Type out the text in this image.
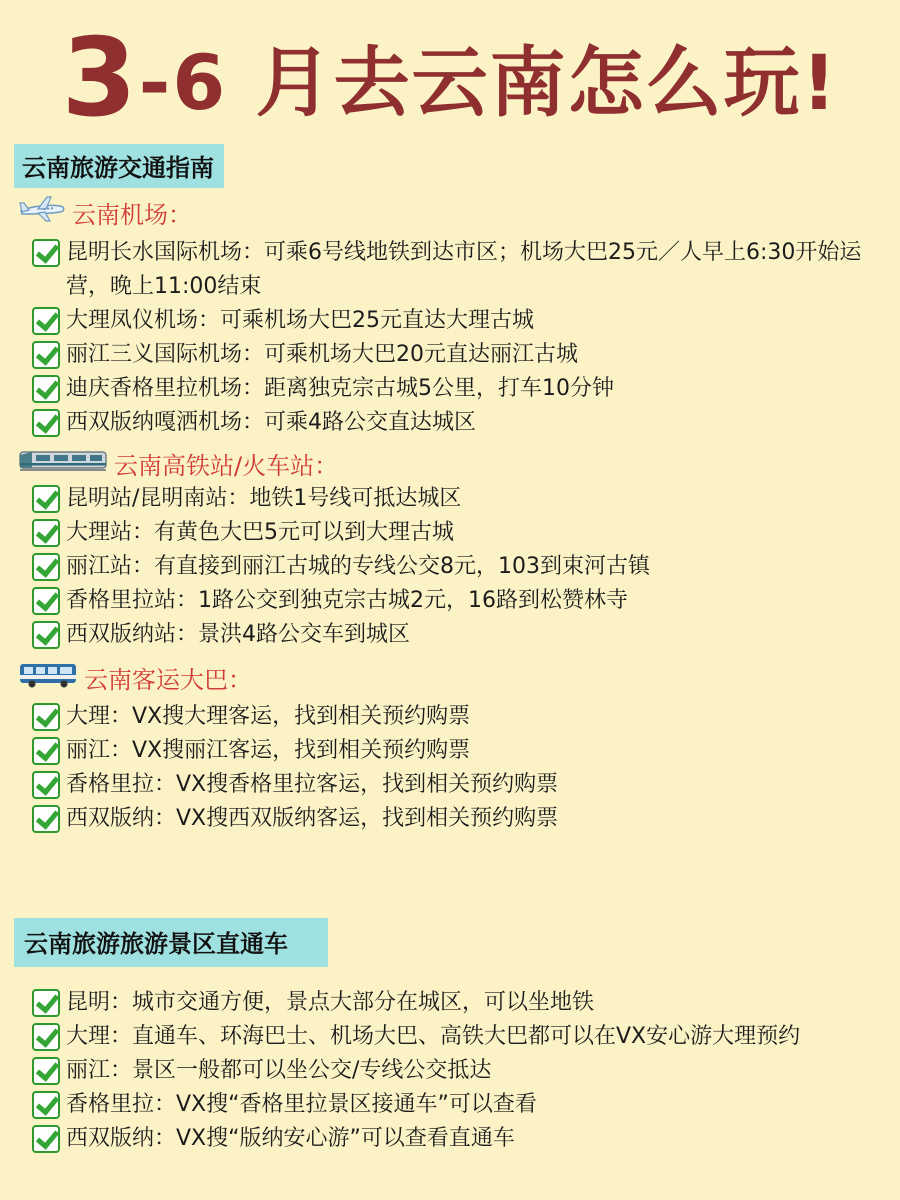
3-6 月去云南怎么玩!
云南旅游交通指南
云南机场：
昆明长水国际机场：可乘6号线地铁到达市区；机场大巴25元／人早上6:30开始运营，晚上11:00结束
大理凤仪机场：可乘机场大巴25元直达大理古城
丽江三义国际机场：可乘机场大巴20元直达丽江古城
迪庆香格里拉机场：距离独克宗古城5公里，打车10分钟
西双版纳嘎洒机场：可乘4路公交直达城区
云南高铁站/火车站：
昆明站/昆明南站：地铁1号线可抵达城区
大理站：有黄色大巴5元可以到大理古城
丽江站：有直接到丽江古城的专线公交8元，103到束河古镇
香格里拉站：1路公交到独克宗古城2元，16路到松赞林寺
西双版纳站：景洪4路公交车到城区
云南客运大巴：
大理：VX搜大理客运，找到相关预约购票
丽江：VX搜丽江客运，找到相关预约购票
香格里拉：VX搜香格里拉客运，找到相关预约购票
西双版纳：VX搜西双版纳客运，找到相关预约购票
云南旅游旅游景区直通车
昆明：城市交通方便，景点大部分在城区，可以坐地铁
大理：直通车、环海巴士、机场大巴、高铁大巴都可以在VX安心游大理预约
丽江：景区一般都可以坐公交/专线公交抵达
香格里拉：VX搜“香格里拉景区接通车”可以查看
西双版纳：VX搜“版纳安心游”可以查看直通车
